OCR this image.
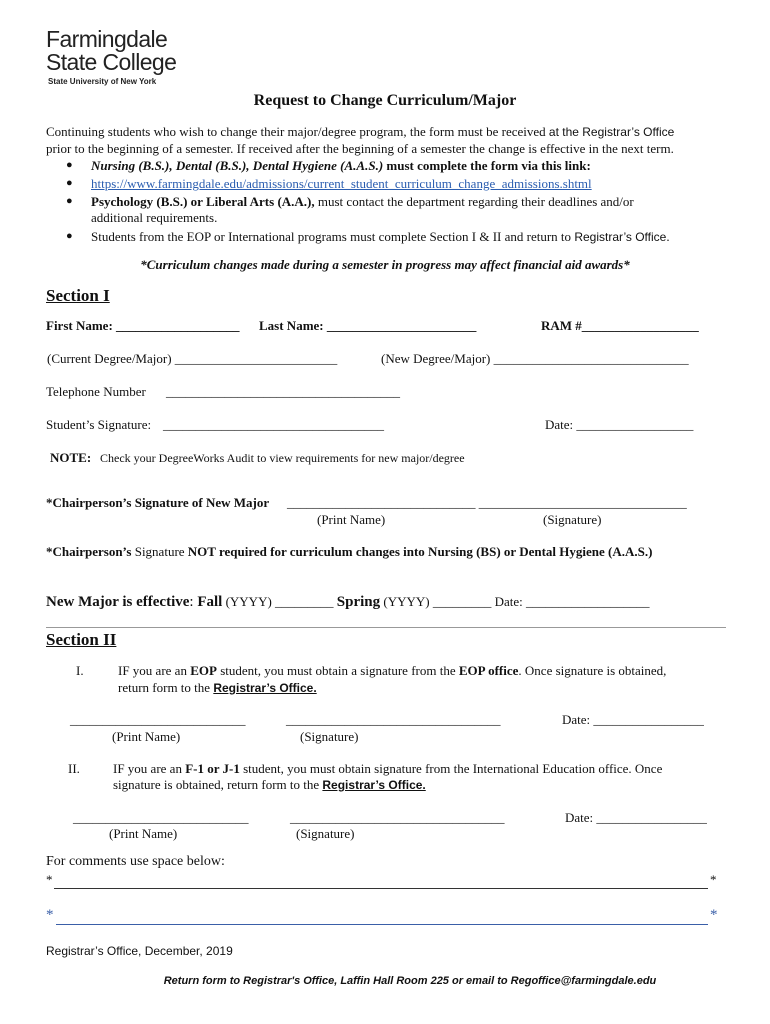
Farmingdale
State College
State University of New York
Request to Change Curriculum/Major
Continuing students who wish to change their major/degree program, the form must be received at the Registrar’s Office
prior to the beginning of a semester. If received after the beginning of a semester the change is effective in the next term.
● Nursing (B.S.), Dental (B.S.), Dental Hygiene (A.A.S.) must complete the form via this link:
● https://www.farmingdale.edu/admissions/current_student_curriculum_change_admissions.shtml
● Psychology (B.S.) or Liberal Arts (A.A.), must contact the department regarding their deadlines and/or
additional requirements.
● Students from the EOP or International programs must complete Section I & II and return to Registrar’s Office.
*Curriculum changes made during a semester in progress may affect financial aid awards*
Section I
First Name: ___________________ Last Name: _______________________	RAM #__________________
(Current Degree/Major) _________________________	(New Degree/Major) ______________________________
Telephone Number ____________________________________
Student’s Signature: __________________________________	Date: __________________
NOTE: Check your DegreeWorks Audit to view requirements for new major/degree
*Chairperson’s Signature of New Major _____________________________ ________________________________
(Print Name)	(Signature)
*Chairperson’s Signature NOT required for curriculum changes into Nursing (BS) or Dental Hygiene (A.A.S.)
New Major is effective: Fall (YYYY) _________ Spring (YYYY) _________ Date: ___________________
Section II
I.	IF you are an EOP student, you must obtain a signature from the EOP office. Once signature is obtained,
return form to the Registrar’s Office.
___________________________	_________________________________	Date: _________________
(Print Name)	(Signature)
II.	IF you are an F-1 or J-1 student, you must obtain signature from the International Education office. Once
signature is obtained, return form to the Registrar’s Office.
___________________________	_________________________________	Date: _________________
(Print Name)	(Signature)
For comments use space below:
*	*
*	*
Registrar’s Office, December, 2019
Return form to Registrar's Office, Laffin Hall Room 225 or email to Regoffice@farmingdale.edu
